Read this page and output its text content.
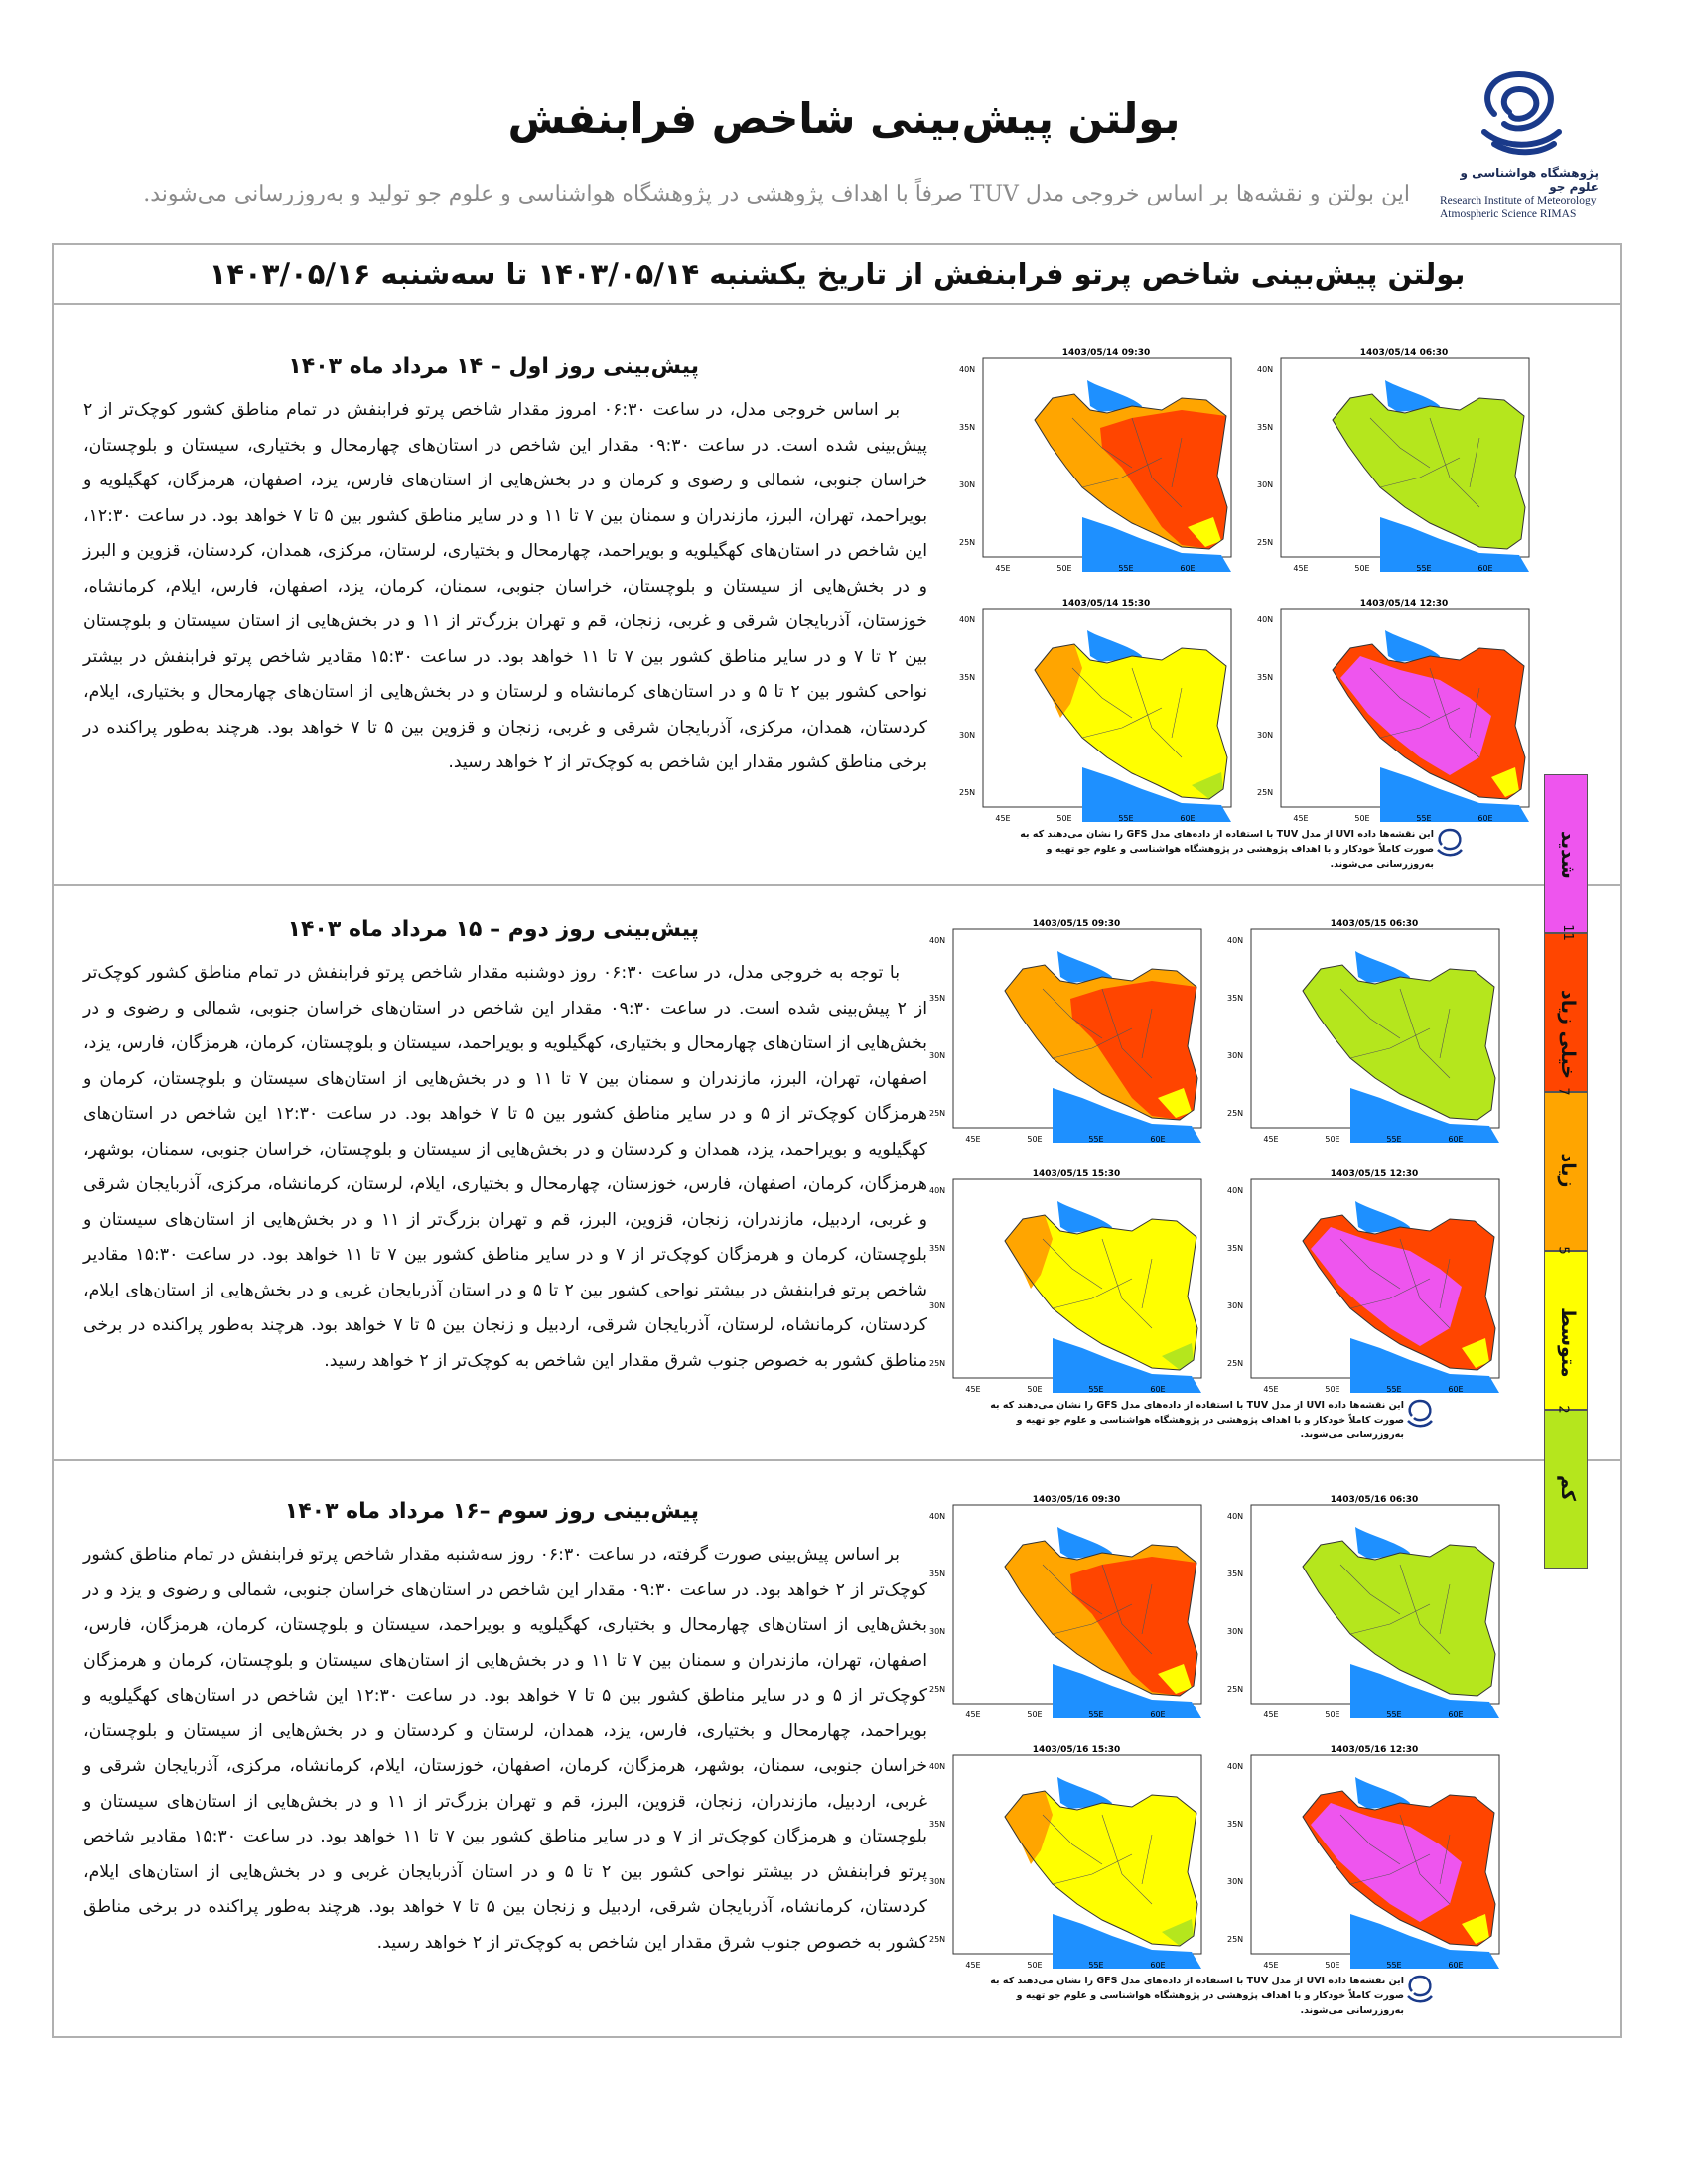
بولتن پیش‌بینی شاخص فرابنفش
این بولتن و نقشه‌ها بر اساس خروجی مدل TUV صرفاً با اهداف پژوهشی در پژوهشگاه هواشناسی و علوم جو تولید و به‌روزرسانی می‌شوند.
پژوهشگاه هواشناسی و علوم جو
Research Institute of Meteorology
Atmospheric Science RIMAS
بولتن پیش‌بینی شاخص پرتو فرابنفش از تاریخ یکشنبه ۱۴۰۳/۰۵/۱۴ تا سه‌شنبه ۱۴۰۳/۰۵/۱۶
پیش‌بینی روز اول – ۱۴ مرداد ماه ۱۴۰۳
بر اساس خروجی مدل، در ساعت ۰۶:۳۰ امروز مقدار شاخص پرتو فرابنفش در تمام مناطق کشور کوچک‌تر از ۲ پیش‌بینی شده است. در ساعت ۰۹:۳۰ مقدار این شاخص در استان‌های چهارمحال و بختیاری، سیستان و بلوچستان، خراسان جنوبی، شمالی و رضوی و کرمان و در بخش‌هایی از استان‌های فارس، یزد، اصفهان، هرمزگان، کهگیلویه و بویراحمد، تهران، البرز، مازندران و سمنان بین ۷ تا ۱۱ و در سایر مناطق کشور بین ۵ تا ۷ خواهد بود. در ساعت ۱۲:۳۰، این شاخص در استان‌های کهگیلویه و بویراحمد، چهارمحال و بختیاری، لرستان، مرکزی، همدان، کردستان، قزوین و البرز و در بخش‌هایی از سیستان و بلوچستان، خراسان جنوبی، سمنان، کرمان، یزد، اصفهان، فارس، ایلام، کرمانشاه، خوزستان، آذربایجان شرقی و غربی، زنجان، قم و تهران بزرگ‌تر از ۱۱ و در بخش‌هایی از استان سیستان و بلوچستان بین ۲ تا ۷ و در سایر مناطق کشور بین ۷ تا ۱۱ خواهد بود. در ساعت ۱۵:۳۰ مقادیر شاخص پرتو فرابنفش در بیشتر نواحی کشور بین ۲ تا ۵ و در استان‌های کرمانشاه و لرستان و در بخش‌هایی از استان‌های چهارمحال و بختیاری، ایلام، کردستان، همدان، مرکزی، آذربایجان شرقی و غربی، زنجان و قزوین بین ۵ تا ۷ خواهد بود. هرچند به‌طور پراکنده در برخی مناطق کشور مقدار این شاخص به کوچک‌تر از ۲ خواهد رسید.
1403/05/14 09:30
45E	50E	55E	60E
40N
35N
30N
25N
1403/05/14 06:30
45E	50E	55E	60E
40N
35N
30N
25N
1403/05/14 15:30
45E	50E	55E	60E
40N
35N
30N
25N
1403/05/14 12:30
45E	50E	55E	60E
40N
35N
30N
25N
این نقشه‌ها داده UVI از مدل TUV با استفاده از داده‌های مدل GFS را نشان می‌دهند که به صورت کاملاً خودکار و با اهداف پژوهشی در پژوهشگاه هواشناسی و علوم جو تهیه و به‌روزرسانی می‌شوند.
پیش‌بینی روز دوم – ۱۵ مرداد ماه ۱۴۰۳
با توجه به خروجی مدل، در ساعت ۰۶:۳۰ روز دوشنبه مقدار شاخص پرتو فرابنفش در تمام مناطق کشور کوچک‌تر از ۲ پیش‌بینی شده است. در ساعت ۰۹:۳۰ مقدار این شاخص در استان‌های خراسان جنوبی، شمالی و رضوی و در بخش‌هایی از استان‌های چهارمحال و بختیاری، کهگیلویه و بویراحمد، سیستان و بلوچستان، کرمان، هرمزگان، فارس، یزد، اصفهان، تهران، البرز، مازندران و سمنان بین ۷ تا ۱۱ و در بخش‌هایی از استان‌های سیستان و بلوچستان، کرمان و هرمزگان کوچک‌تر از ۵ و در سایر مناطق کشور بین ۵ تا ۷ خواهد بود. در ساعت ۱۲:۳۰ این شاخص در استان‌های کهگیلویه و بویراحمد، یزد، همدان و کردستان و در بخش‌هایی از سیستان و بلوچستان، خراسان جنوبی، سمنان، بوشهر، هرمزگان، کرمان، اصفهان، فارس، خوزستان، چهارمحال و بختیاری، ایلام، لرستان، کرمانشاه، مرکزی، آذربایجان شرقی و غربی، اردبیل، مازندران، زنجان، قزوین، البرز، قم و تهران بزرگ‌تر از ۱۱ و در بخش‌هایی از استان‌های سیستان و بلوچستان، کرمان و هرمزگان کوچک‌تر از ۷ و در سایر مناطق کشور بین ۷ تا ۱۱ خواهد بود. در ساعت ۱۵:۳۰ مقادیر شاخص پرتو فرابنفش در بیشتر نواحی کشور بین ۲ تا ۵ و در استان آذربایجان غربی و در بخش‌هایی از استان‌های ایلام، کردستان، کرمانشاه، لرستان، آذربایجان شرقی، اردبیل و زنجان بین ۵ تا ۷ خواهد بود. هرچند به‌طور پراکنده در برخی مناطق کشور به خصوص جنوب شرق مقدار این شاخص به کوچک‌تر از ۲ خواهد رسید.
1403/05/15 09:30
45E	50E	55E	60E
40N
35N
30N
25N
1403/05/15 06:30
45E	50E	55E	60E
40N
35N
30N
25N
1403/05/15 15:30
45E	50E	55E	60E
40N
35N
30N
25N
1403/05/15 12:30
45E	50E	55E	60E
40N
35N
30N
25N
این نقشه‌ها داده UVI از مدل TUV با استفاده از داده‌های مدل GFS را نشان می‌دهند که به صورت کاملاً خودکار و با اهداف پژوهشی در پژوهشگاه هواشناسی و علوم جو تهیه و به‌روزرسانی می‌شوند.
پیش‌بینی روز سوم –۱۶ مرداد ماه ۱۴۰۳
بر اساس پیش‌بینی صورت گرفته، در ساعت ۰۶:۳۰ روز سه‌شنبه مقدار شاخص پرتو فرابنفش در تمام مناطق کشور کوچک‌تر از ۲ خواهد بود. در ساعت ۰۹:۳۰ مقدار این شاخص در استان‌های خراسان جنوبی، شمالی و رضوی و یزد و در بخش‌هایی از استان‌های چهارمحال و بختیاری، کهگیلویه و بویراحمد، سیستان و بلوچستان، کرمان، هرمزگان، فارس، اصفهان، تهران، مازندران و سمنان بین ۷ تا ۱۱ و در بخش‌هایی از استان‌های سیستان و بلوچستان، کرمان و هرمزگان کوچک‌تر از ۵ و در سایر مناطق کشور بین ۵ تا ۷ خواهد بود. در ساعت ۱۲:۳۰ این شاخص در استان‌های کهگیلویه و بویراحمد، چهارمحال و بختیاری، فارس، یزد، همدان، لرستان و کردستان و در بخش‌هایی از سیستان و بلوچستان، خراسان جنوبی، سمنان، بوشهر، هرمزگان، کرمان، اصفهان، خوزستان، ایلام، کرمانشاه، مرکزی، آذربایجان شرقی و غربی، اردبیل، مازندران، زنجان، قزوین، البرز، قم و تهران بزرگ‌تر از ۱۱ و در بخش‌هایی از استان‌های سیستان و بلوچستان و هرمزگان کوچک‌تر از ۷ و در سایر مناطق کشور بین ۷ تا ۱۱ خواهد بود. در ساعت ۱۵:۳۰ مقادیر شاخص پرتو فرابنفش در بیشتر نواحی کشور بین ۲ تا ۵ و در استان آذربایجان غربی و در بخش‌هایی از استان‌های ایلام، کردستان، کرمانشاه، آذربایجان شرقی، اردبیل و زنجان بین ۵ تا ۷ خواهد بود. هرچند به‌طور پراکنده در برخی مناطق کشور به خصوص جنوب شرق مقدار این شاخص به کوچک‌تر از ۲ خواهد رسید.
1403/05/16 09:30
45E	50E	55E	60E
40N
35N
30N
25N
1403/05/16 06:30
45E	50E	55E	60E
40N
35N
30N
25N
1403/05/16 15:30
45E	50E	55E	60E
40N
35N
30N
25N
1403/05/16 12:30
45E	50E	55E	60E
40N
35N
30N
25N
این نقشه‌ها داده UVI از مدل TUV با استفاده از داده‌های مدل GFS را نشان می‌دهند که به صورت کاملاً خودکار و با اهداف پژوهشی در پژوهشگاه هواشناسی و علوم جو تهیه و به‌روزرسانی می‌شوند.
شدید
زیاد
متوسط
کم
11
7
5
2
